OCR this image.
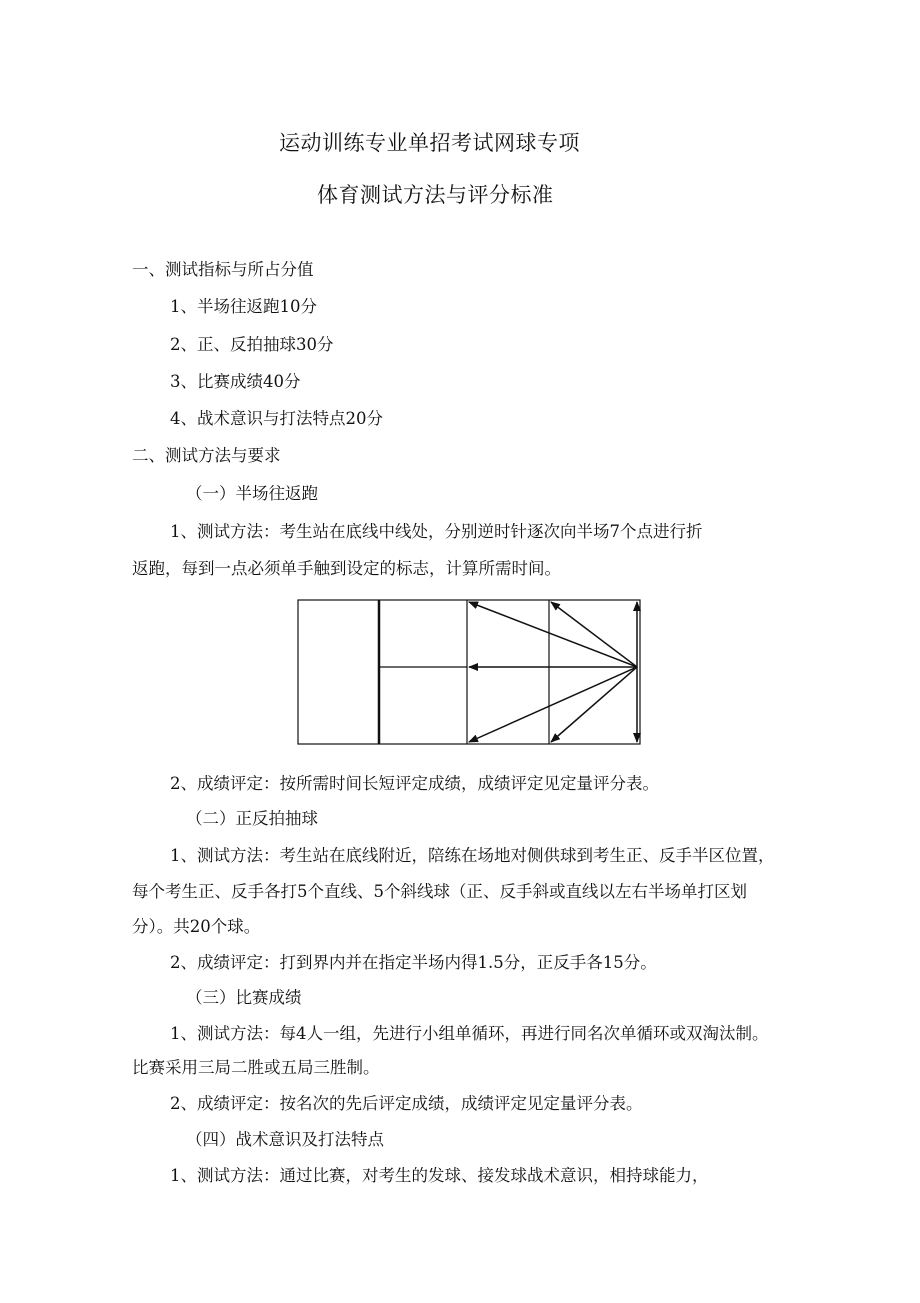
运动训练专业单招考试网球专项
体育测试方法与评分标准
一、测试指标与所占分值
1、半场往返跑10分
2、正、反拍抽球30分
3、比赛成绩40分
4、战术意识与打法特点20分
二、测试方法与要求
（一）半场往返跑
1、测试方法：考生站在底线中线处，分别逆时针逐次向半场7个点进行折
返跑，每到一点必须单手触到设定的标志，计算所需时间。
2、成绩评定：按所需时间长短评定成绩，成绩评定见定量评分表。
（二）正反拍抽球
1、测试方法：考生站在底线附近，陪练在场地对侧供球到考生正、反手半区位置，
每个考生正、反手各打5个直线、5个斜线球（正、反手斜或直线以左右半场单打区划
分）。共20个球。
2、成绩评定：打到界内并在指定半场内得1.5分，正反手各15分。
（三）比赛成绩
1、测试方法：每4人一组，先进行小组单循环，再进行同名次单循环或双淘汰制。
比赛采用三局二胜或五局三胜制。
2、成绩评定：按名次的先后评定成绩，成绩评定见定量评分表。
（四）战术意识及打法特点
1、测试方法：通过比赛，对考生的发球、接发球战术意识，相持球能力，
